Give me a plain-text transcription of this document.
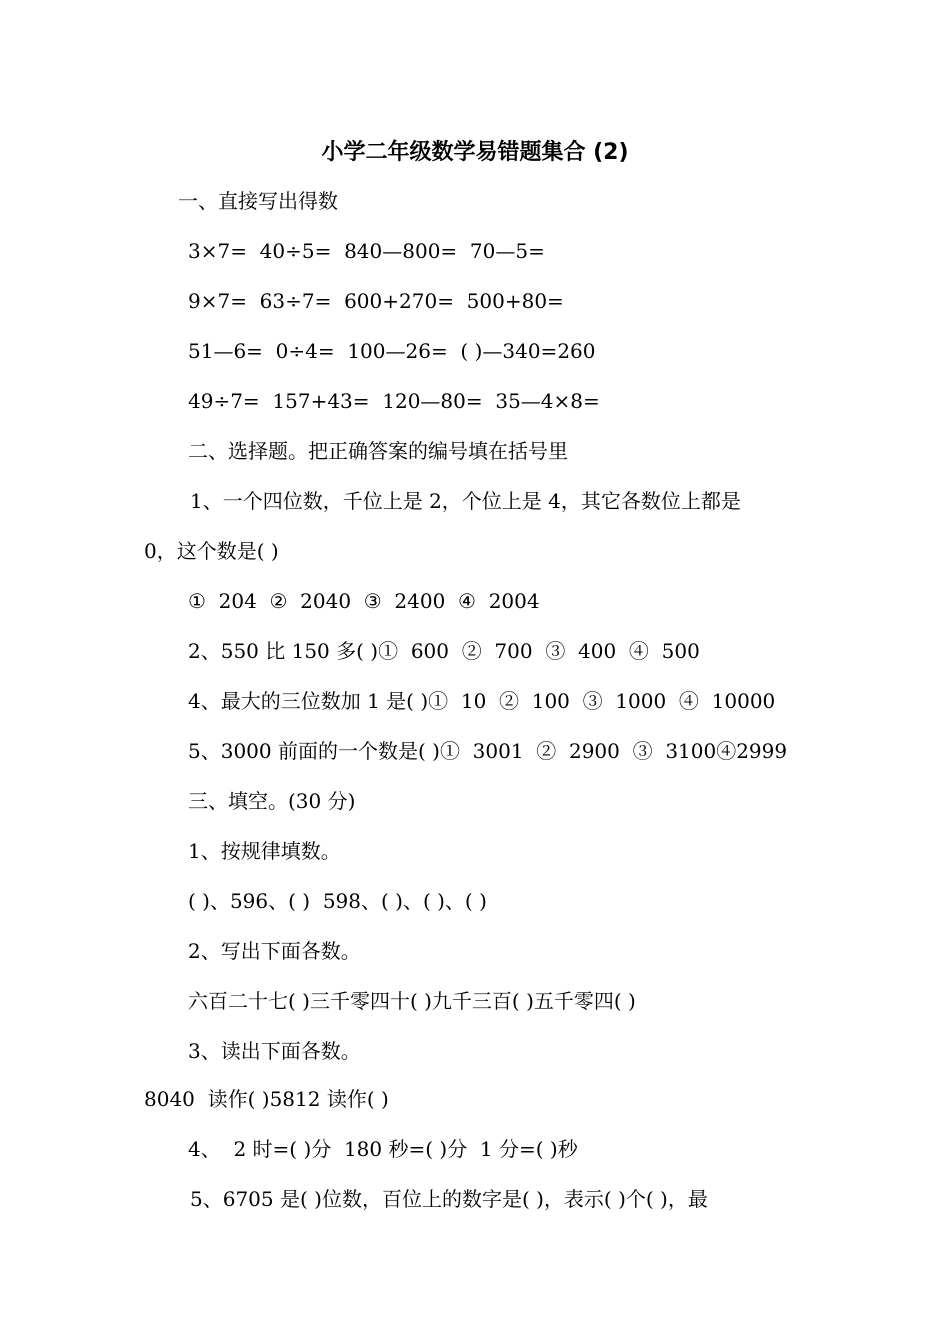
小学二年级数学易错题集合 (2)
一、直接写出得数
3×7=  40÷5=  840—800=  70—5=
9×7=  63÷7=  600+270=  500+80=
51—6=  0÷4=  100—26=  ( )—340=260
49÷7=  157+43=  120—80=  35—4×8=
二、选择题。把正确答案的编号填在括号里
1、一个四位数，千位上是 2，个位上是 4，其它各数位上都是
0，这个数是( )
①  204  ②  2040  ③  2400  ④  2004
2、550 比 150 多( )①  600  ②  700  ③  400  ④  500
4、最大的三位数加 1 是( )①  10  ②  100  ③  1000  ④  10000
5、3000 前面的一个数是( )①  3001  ②  2900  ③  3100④2999
三、填空。(30 分)
1、按规律填数。
( )、596、( )  598、( )、( )、( )
2、写出下面各数。
六百二十七( )三千零四十( )九千三百( )五千零四( )
3、读出下面各数。
8040  读作( )5812 读作( )
4、  2 时=( )分  180 秒=( )分  1 分=( )秒
5、6705 是( )位数，百位上的数字是( )，表示( )个( )，最
